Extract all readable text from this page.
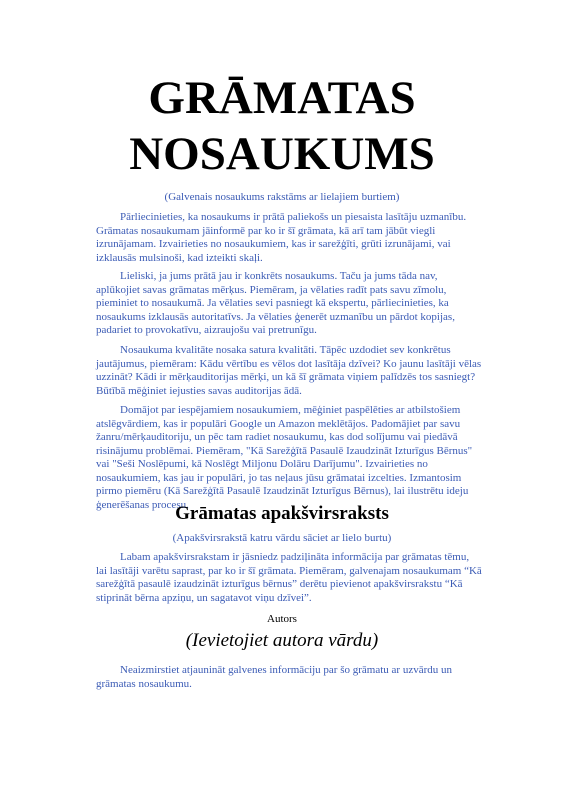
GRĀMATAS
NOSAUKUMS

(Galvenais nosaukums rakstāms ar lielajiem burtiem)

Pārliecinieties, ka nosaukums ir prātā paliekošs un piesaista lasītāju uzmanību. Grāmatas nosaukumam jāinformē par ko ir šī grāmata, kā arī tam jābūt viegli izrunājamam. Izvairieties no nosaukumiem, kas ir sarežģīti, grūti izrunājami, vai izklausās mulsinoši, kad izteikti skaļi.

Lieliski, ja jums prātā jau ir konkrēts nosaukums. Taču ja jums tāda nav, aplūkojiet savas grāmatas mērķus. Piemēram, ja vēlaties radīt pats savu zīmolu, pieminiet to nosaukumā. Ja vēlaties sevi pasniegt kā ekspertu, pārliecinieties, ka nosaukums izklausās autoritatīvs. Ja vēlaties ģenerēt uzmanību un pārdot kopijas, padariet to provokatīvu, aizraujošu vai pretrunīgu.

Nosaukuma kvalitāte nosaka satura kvalitāti. Tāpēc uzdodiet sev konkrētus jautājumus, piemēram: Kādu vērtību es vēlos dot lasītāja dzīvei? Ko jaunu lasītāji vēlas uzzināt? Kādi ir mērķauditorijas mērķi, un kā šī grāmata viņiem palīdzēs tos sasniegt? Būtībā mēģiniet iejusties savas auditorijas ādā.

Domājot par iespējamiem nosaukumiem, mēģiniet paspēlēties ar atbilstošiem atslēgvārdiem, kas ir populāri Google un Amazon meklētājos. Padomājiet par savu žanru/mērķauditoriju, un pēc tam radiet nosaukumu, kas dod solījumu vai piedāvā risinājumu problēmai. Piemēram, "Kā Sarežģītā Pasaulē Izaudzināt Izturīgus Bērnus" vai "Seši Noslēpumi, kā Noslēgt Miljonu Dolāru Darījumu". Izvairieties no nosaukumiem, kas jau ir populāri, jo tas neļaus jūsu grāmatai izcelties. Izmantosim pirmo piemēru (Kā Sarežģītā Pasaulē Izaudzināt Izturīgus Bērnus), lai ilustrētu ideju ģenerēšanas procesu.

Grāmatas apakšvirsraksts

(Apakšvirsrakstā katru vārdu sāciet ar lielo burtu)

Labam apakšvirsrakstam ir jāsniedz padziļināta informācija par grāmatas tēmu, lai lasītāji varētu saprast, par ko ir šī grāmata. Piemēram, galvenajam nosaukumam “Kā sarežģītā pasaulē izaudzināt izturīgus bērnus” derētu pievienot apakšvirsrakstu “Kā stiprināt bērna apziņu, un sagatavot viņu dzīvei”.

Autors

(Ievietojiet autora vārdu)

Neaizmirstiet atjaunināt galvenes informāciju par šo grāmatu ar uzvārdu un grāmatas nosaukumu.
